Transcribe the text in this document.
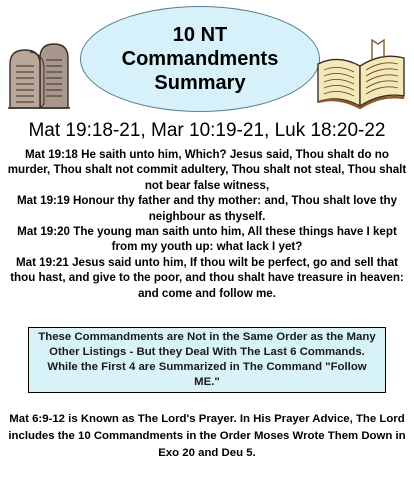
10 NT
Commandments
Summary
Mat 19:18-21, Mar 10:19-21, Luk 18:20-22

Mat 19:18 He saith unto him, Which? Jesus said, Thou shalt do no murder, Thou shalt not commit adultery, Thou shalt not steal, Thou shalt not bear false witness,

Mat 19:19 Honour thy father and thy mother: and, Thou shalt love thy neighbour as thyself.

Mat 19:20 The young man saith unto him, All these things have I kept from my youth up: what lack I yet?

Mat 19:21 Jesus said unto him, If thou wilt be perfect, go and sell that thou hast, and give to the poor, and thou shalt have treasure in heaven: and come and follow me.

These Commandments are Not in the Same Order as the Many Other Listings - But they Deal With The Last 6 Commands. While the First 4 are Summarized in The Command "Follow ME."
Mat 6:9-12 is Known as The Lord's Prayer. In His Prayer Advice, The Lord includes the 10 Commandments in the Order Moses Wrote Them Down in Exo 20 and Deu 5.
